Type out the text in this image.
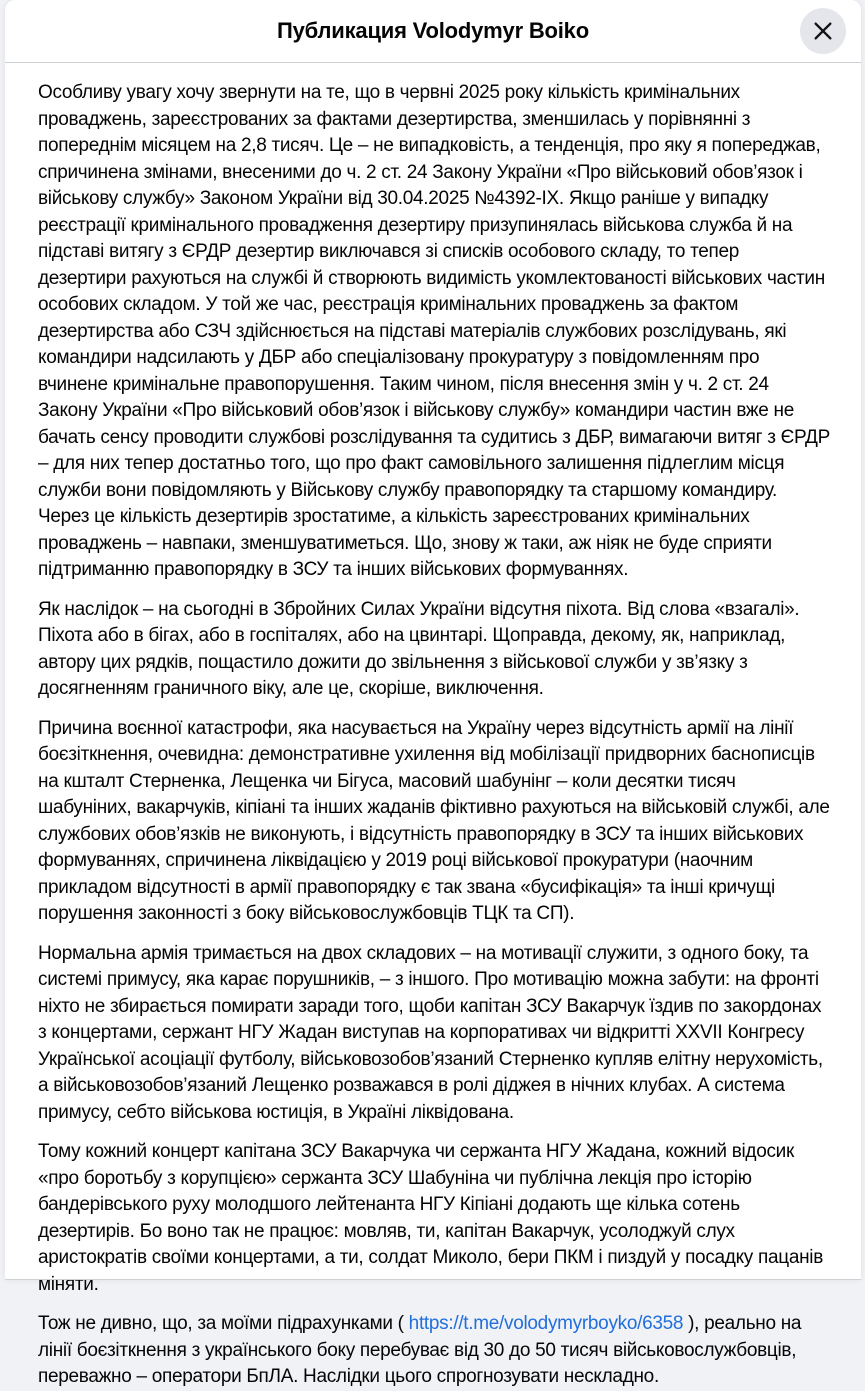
Публикация Volodymyr Boiko

Особливу увагу хочу звернути на те, що в червні 2025 року кількість кримінальних проваджень, зареєстрованих за фактами дезертирства, зменшилась у порівнянні з попереднім місяцем на 2,8 тисяч. Це – не випадковість, а тенденція, про яку я попереджав, спричинена змінами, внесеними до ч. 2 ст. 24 Закону України «Про військовий обов’язок і військову службу» Законом України від 30.04.2025 №4392-IX. Якщо раніше у випадку реєстрації кримінального провадження дезертиру призупинялась військова служба й на підставі витягу з ЄРДР дезертир виключався зі списків особового складу, то тепер дезертири рахуються на службі й створюють видимість укомлектованості військових частин особових складом. У той же час, реєстрація кримінальних проваджень за фактом дезертирства або СЗЧ здійснюється на підставі матеріалів службових розслідувань, які командири надсилають у ДБР або спеціалізовану прокуратуру з повідомленням про вчинене кримінальне правопорушення. Таким чином, після внесення змін у ч. 2 ст. 24 Закону України «Про військовий обов’язок і військову службу» командири частин вже не бачать сенсу проводити службові розслідування та судитись з ДБР, вимагаючи витяг з ЄРДР – для них тепер достатньо того, що про факт самовільного залишення підлеглим місця служби вони повідомляють у Військову службу правопорядку та старшому командиру. Через це кількість дезертирів зростатиме, а кількість зареєстрованих кримінальних проваджень – навпаки, зменшуватиметься. Що, знову ж таки, аж ніяк не буде сприяти підтриманню правопорядку в ЗСУ та інших військових формуваннях.

Як наслідок – на сьогодні в Збройних Силах України відсутня піхота. Від слова «взагалі». Піхота або в бігах, або в госпіталях, або на цвинтарі. Щоправда, декому, як, наприклад, автору цих рядків, пощастило дожити до звільнення з військової служби у зв’язку з досягненням граничного віку, але це, скоріше, виключення.

Причина воєнної катастрофи, яка насувається на Україну через відсутність армії на лінії боєзіткнення, очевидна: демонстративне ухилення від мобілізації придворних баснописців на кшталт Стерненка, Лещенка чи Бігуса, масовий шабунінг – коли десятки тисяч шабуніних, вакарчуків, кіпіані та інших жаданів фіктивно рахуються на військовій службі, але службових обов’язків не виконують, і відсутність правопорядку в ЗСУ та інших військових формуваннях, спричинена ліквідацією у 2019 році військової прокуратури (наочним прикладом відсутності в армії правопорядку є так звана «бусифікація» та інші кричущі порушення законності з боку військовослужбовців ТЦК та СП).

Нормальна армія тримається на двох складових – на мотивації служити, з одного боку, та системі примусу, яка карає порушників, – з іншого. Про мотивацію можна забути: на фронті ніхто не збирається помирати заради того, щоби капітан ЗСУ Вакарчук їздив по закордонах з концертами, сержант НГУ Жадан виступав на корпоративах чи відкритті XXVII Конгресу Української асоціації футболу, військовозобов’язаний Стерненко купляв елітну нерухомість, а військовозобов’язаний Лещенко розважався в ролі діджея в нічних клубах. А система примусу, себто військова юстиція, в Україні ліквідована.

Тому кожний концерт капітана ЗСУ Вакарчука чи сержанта НГУ Жадана, кожний відосик «про боротьбу з корупцією» сержанта ЗСУ Шабуніна чи публічна лекція про історію бандерівського руху молодшого лейтенанта НГУ Кіпіані додають ще кілька сотень дезертирів. Бо воно так не працює: мовляв, ти, капітан Вакарчук, усолоджуй слух аристократів своїми концертами, а ти, солдат Миколо, бери ПКМ і пиздуй у посадку пацанів міняти.

Тож не дивно, що, за моїми підрахунками ( https://t.me/volodymyrboyko/6358 ), реально на лінії боєзіткнення з українського боку перебуває від 30 до 50 тисяч військовослужбовців, переважно – оператори БпЛА. Наслідки цього спрогнозувати нескладно.
